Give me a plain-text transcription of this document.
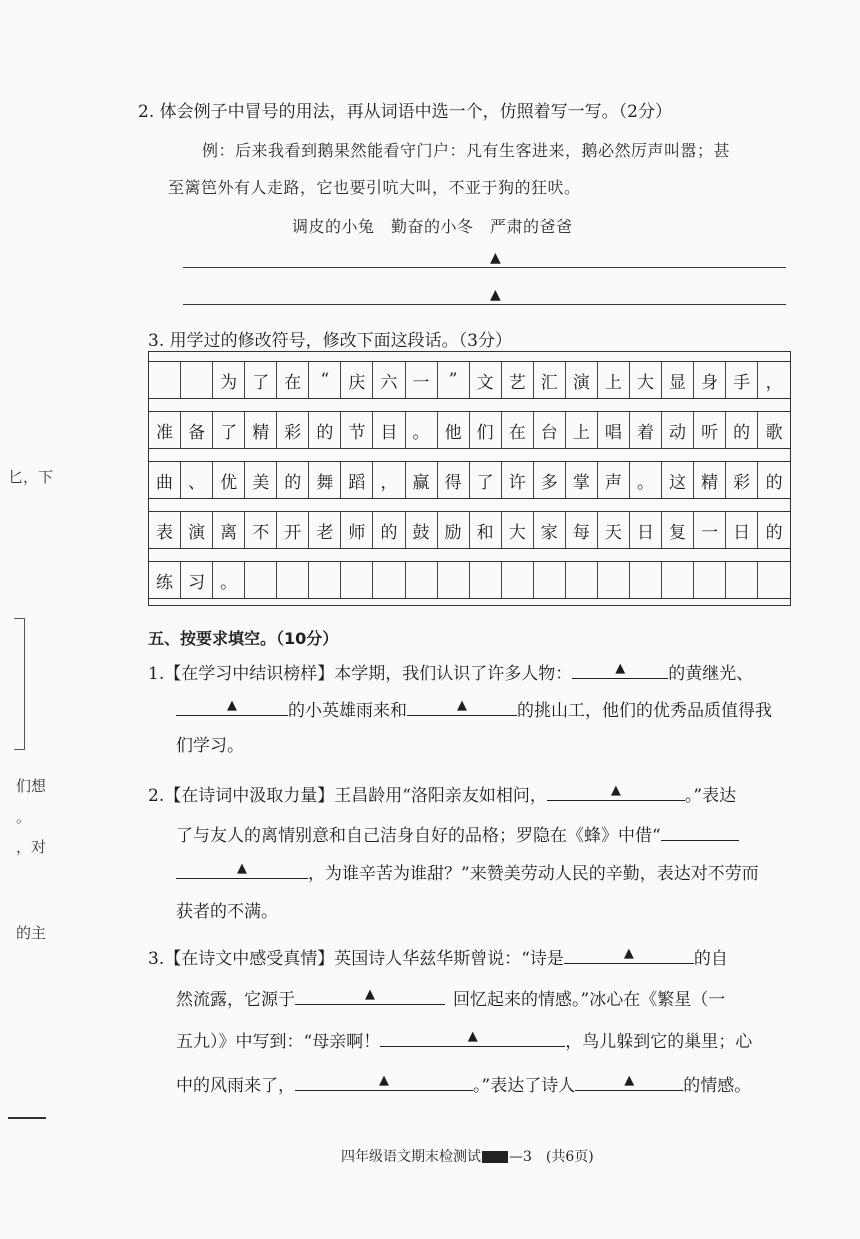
2. 体会例子中冒号的用法，再从词语中选一个，仿照着写一写。（2分）
例：后来我看到鹅果然能看守门户：凡有生客进来，鹅必然厉声叫嚣；甚
至篱笆外有人走路，它也要引吭大叫，不亚于狗的狂吠。
调皮的小兔　勤奋的小冬　严肃的爸爸
▲
▲
3. 用学过的修改符号，修改下面这段话。（3分）
为 了 在	“	庆 六 一	”	文 艺 汇 演 上 大 显 身 手 ，
准 备 了 精 彩 的 节 目 。 他 们 在 台 上 唱 着 动 听 的 歌
曲 、 优 美 的 舞 蹈 ， 赢 得 了 许 多 掌 声 。 这 精 彩 的
表 演 离 不 开 老 师 的 鼓 励 和 大 家 每 天 日 复 一 日 的
练 习 。
五、按要求填空。（10分）
1.【在学习中结识榜样】本学期，我们认识了许多人物：	▲	的黄继光、
▲	的小英雄雨来和	▲	的挑山工，他们的优秀品质值得我
们学习。
2.【在诗词中汲取力量】王昌龄用“洛阳亲友如相问，	▲	。”表达
了与友人的离情别意和自己洁身自好的品格；罗隐在《蜂》中借“
▲	，为谁辛苦为谁甜？”来赞美劳动人民的辛勤，表达对不劳而
获者的不满。
3.【在诗文中感受真情】英国诗人华兹华斯曾说：“诗是	▲	的自
然流露，它源于	▲	回忆起来的情感。”冰心在《繁星（一
五九）》中写到：“母亲啊！	▲	，鸟儿躲到它的巢里；心
中的风雨来了，	▲	。”表达了诗人	▲	的情感。
匕，下
们想
。
，对
的主
四年级语文期末检测试 —3　(共6页)
